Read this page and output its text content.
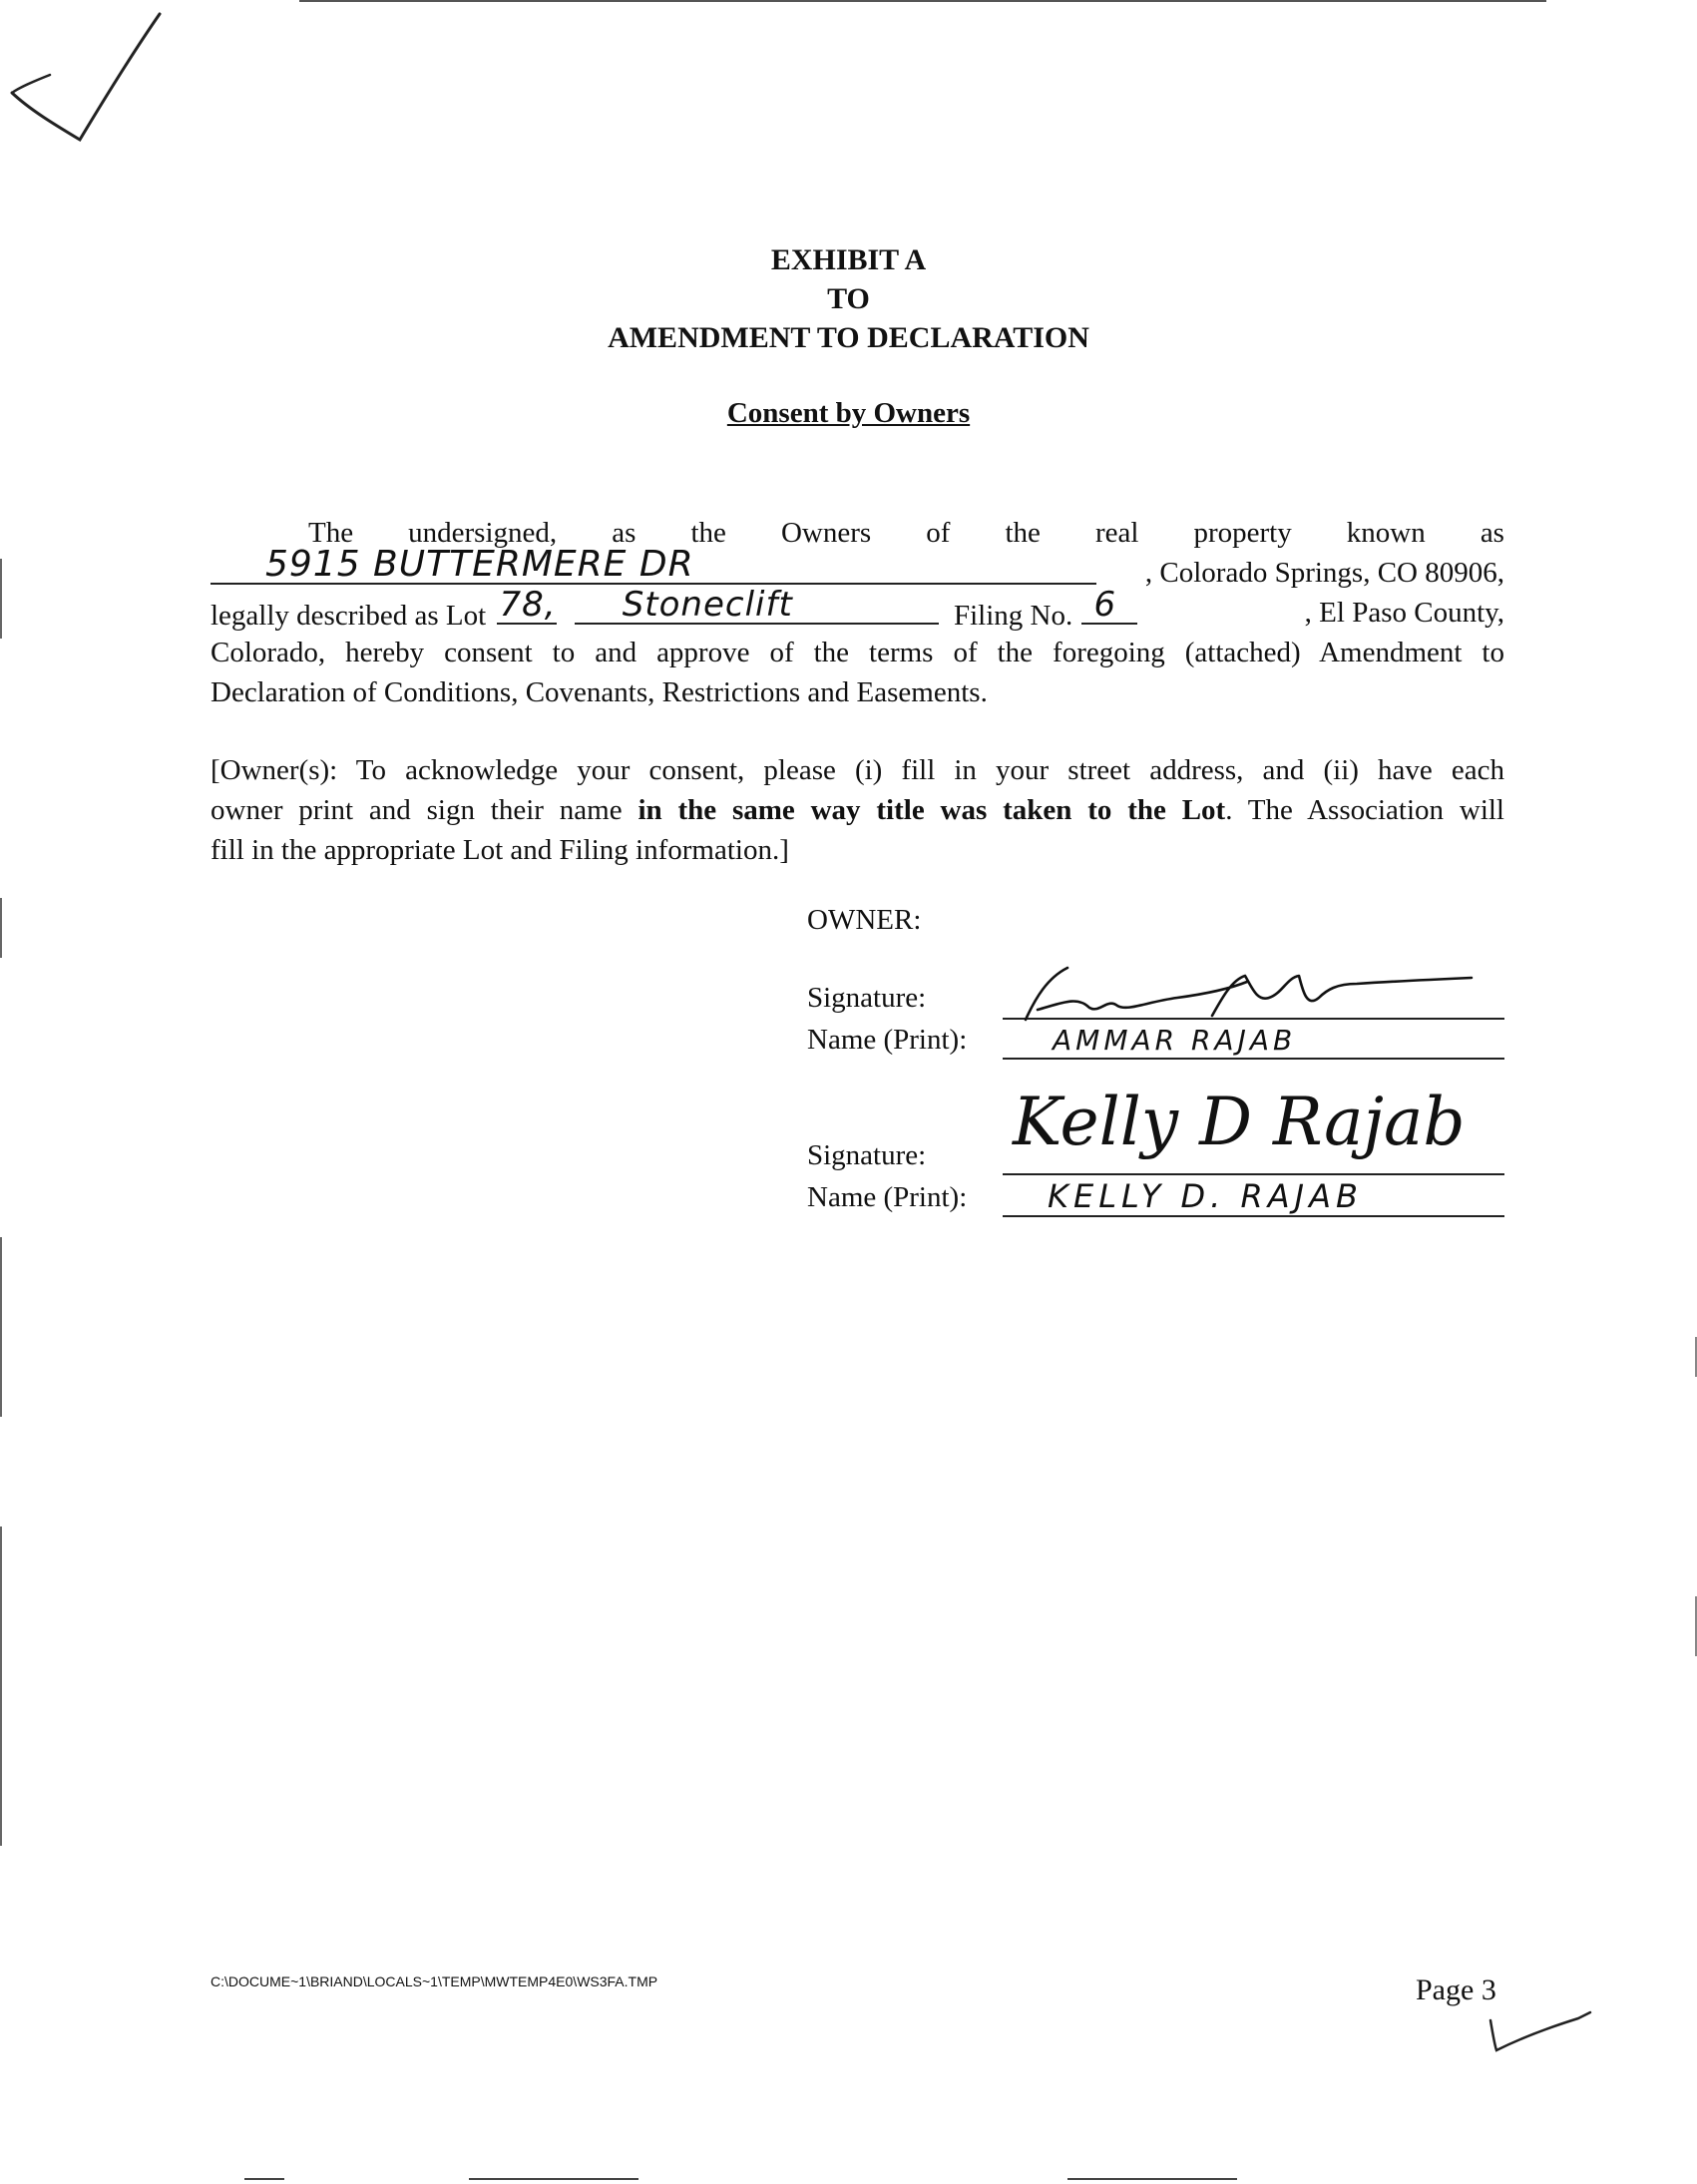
EXHIBIT A
TO
AMENDMENT TO DECLARATION
Consent by Owners
The undersigned, as the Owners of the real property known as
5915 BUTTERMERE DR	, Colorado Springs, CO 80906,
legally described as Lot 78,
Stoneclift	Filing No. 6	, El Paso County,
Colorado, hereby consent to and approve of the terms of the foregoing (attached) Amendment to
Declaration of Conditions, Covenants, Restrictions and Easements.
[Owner(s): To acknowledge your consent, please (i) fill in your street address, and (ii) have each
owner print and sign their name in the same way title was taken to the Lot. The Association will
fill in the appropriate Lot and Filing information.]
OWNER:
Signature:
Name (Print):	AMMAR RAJAB
Signature: Kelly D Rajab
Name (Print):	KELLY D. RAJAB
C:\DOCUME~1\BRIAND\LOCALS~1\TEMP\MWTEMP4E0\WS3FA.TMP	Page 3
